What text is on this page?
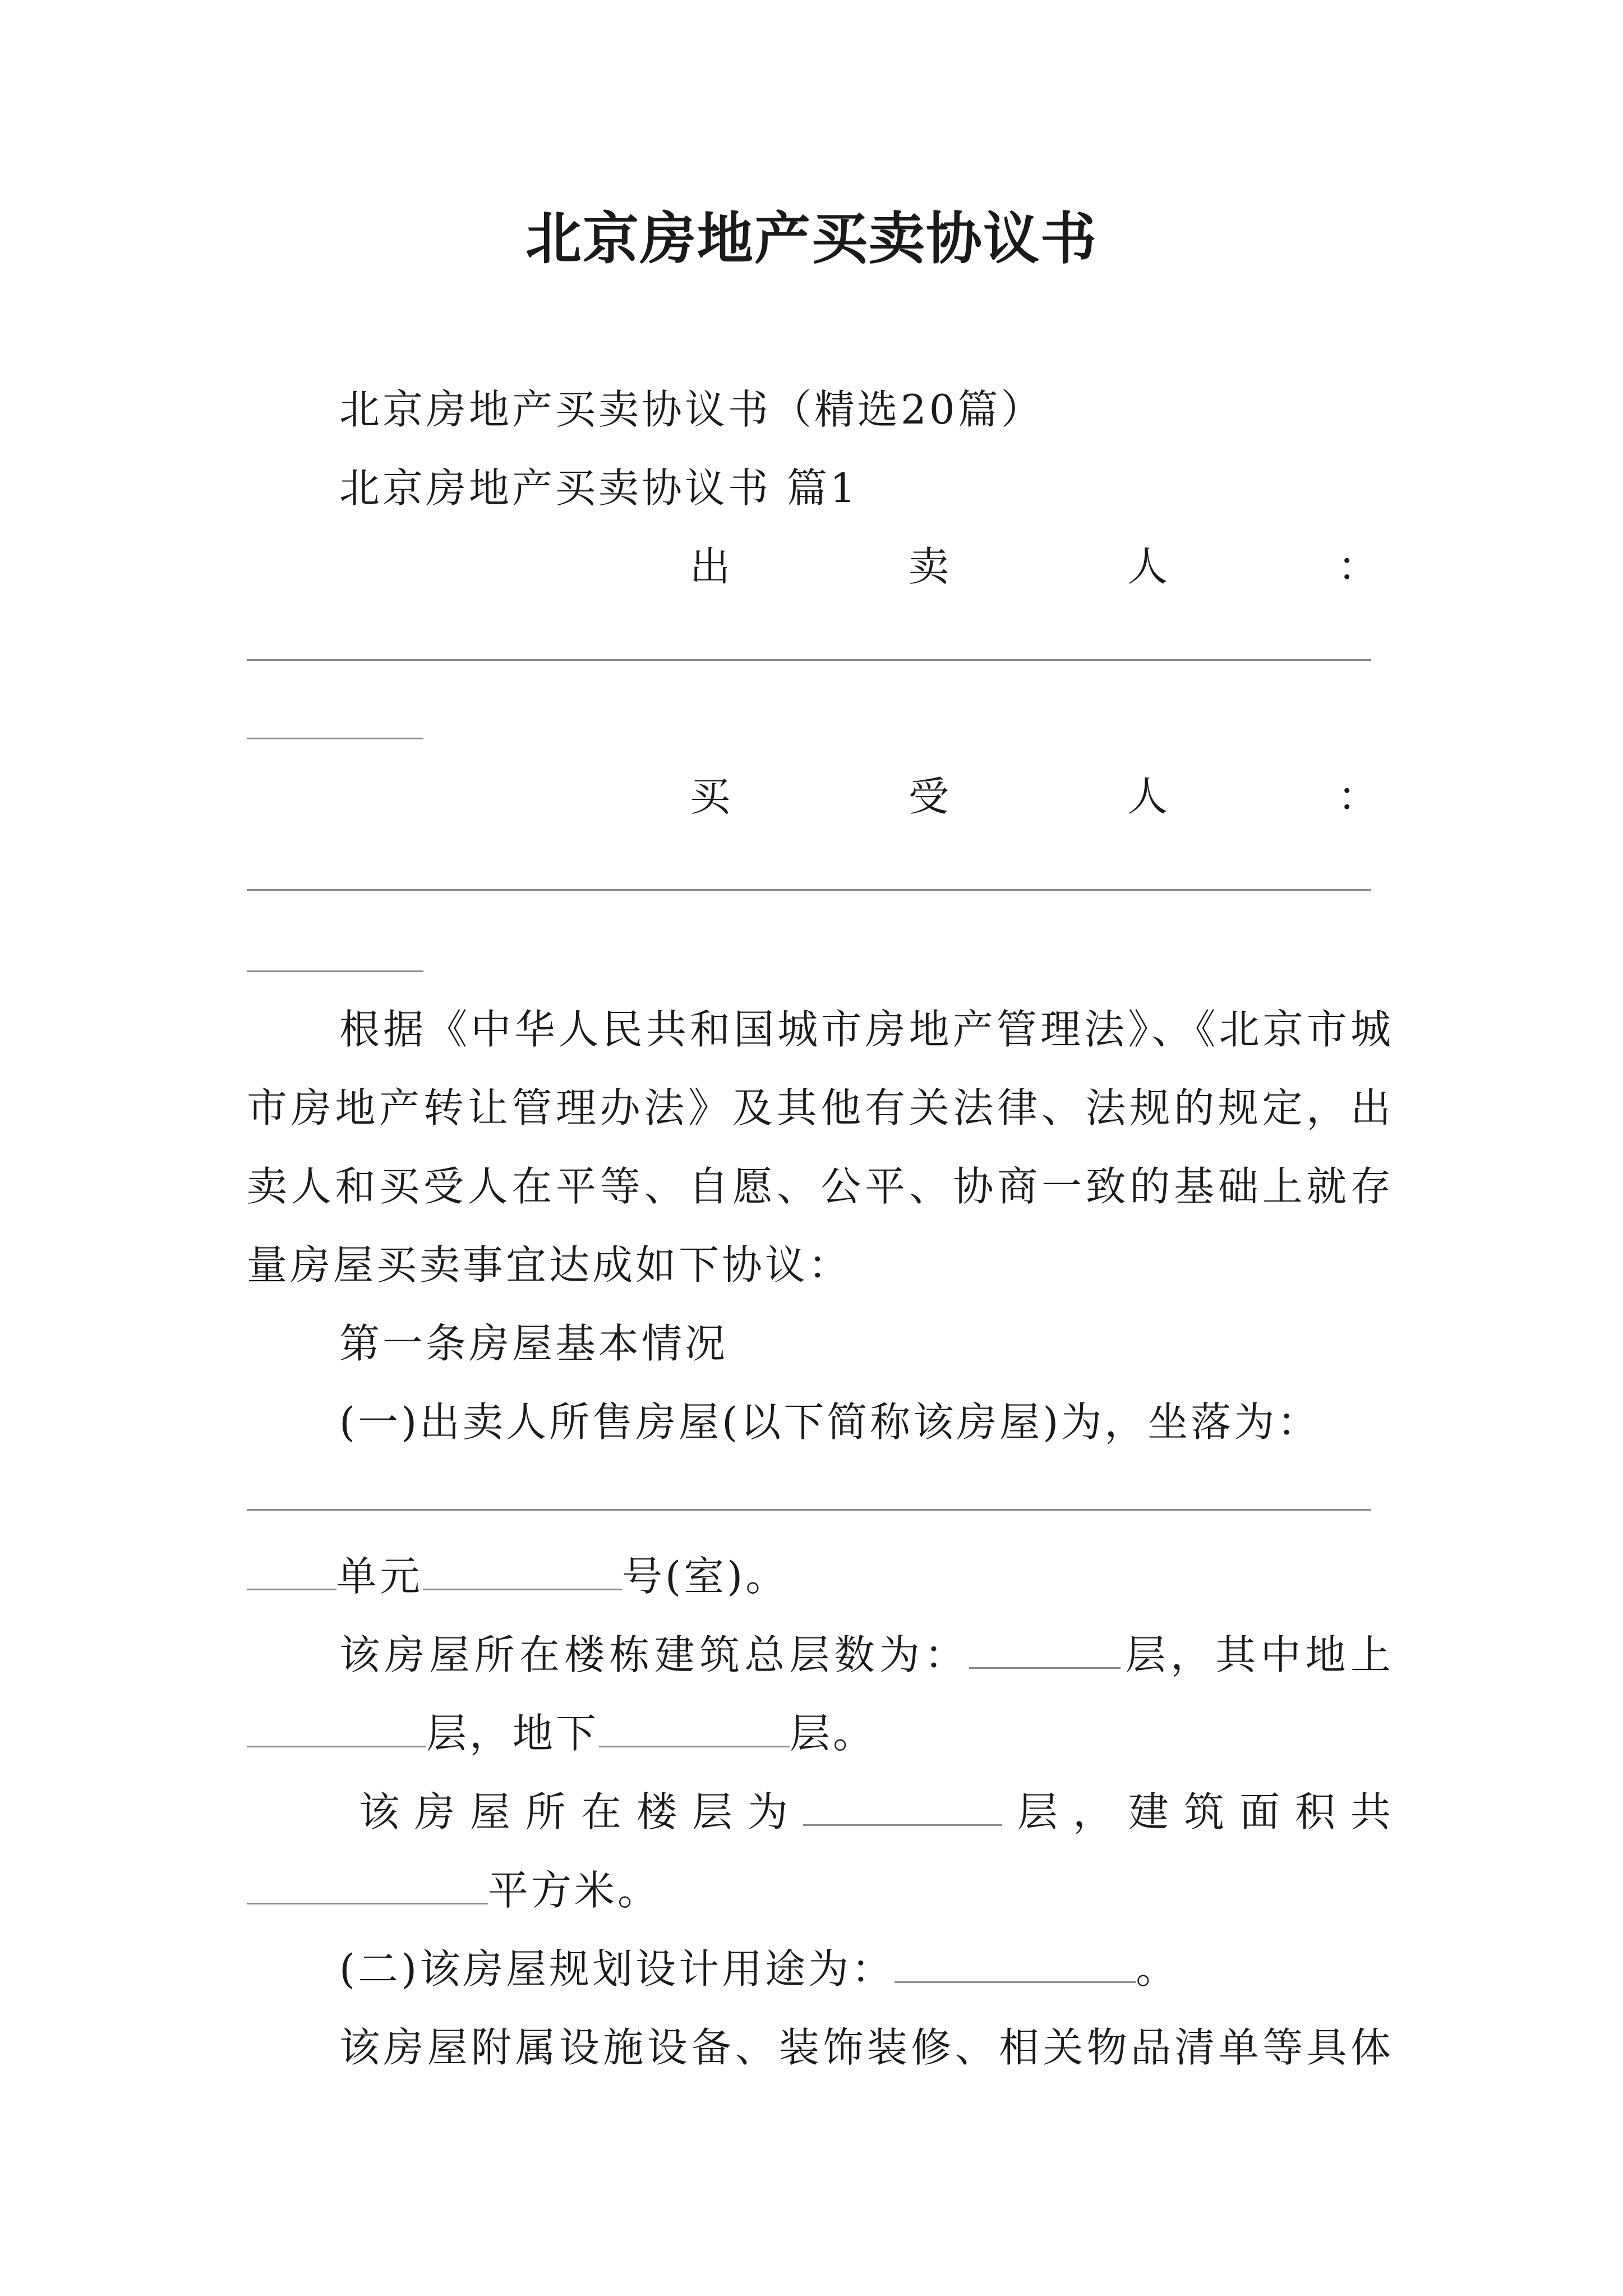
北京房地产买卖协议书
北京房地产买卖协议书（精选20篇）
北京房地产买卖协议书 篇1
出	卖	人	：
买	受	人	：
根据《中华人民共和国城市房地产管理法》、《北京市城
市房地产转让管理办法》及其他有关法律、法规的规定，出
卖人和买受人在平等、自愿、公平、协商一致的基础上就存
量房屋买卖事宜达成如下协议：
第一条房屋基本情况
(一)出卖人所售房屋(以下简称该房屋)为，坐落为：
单元	号(室)。
该房屋所在楼栋建筑总层数为：	层，其中地上
层，地下	层。
该房屋所在楼层为	层，建筑面积共
平方米。
(二)该房屋规划设计用途为：	。
该房屋附属设施设备、装饰装修、相关物品清单等具体
